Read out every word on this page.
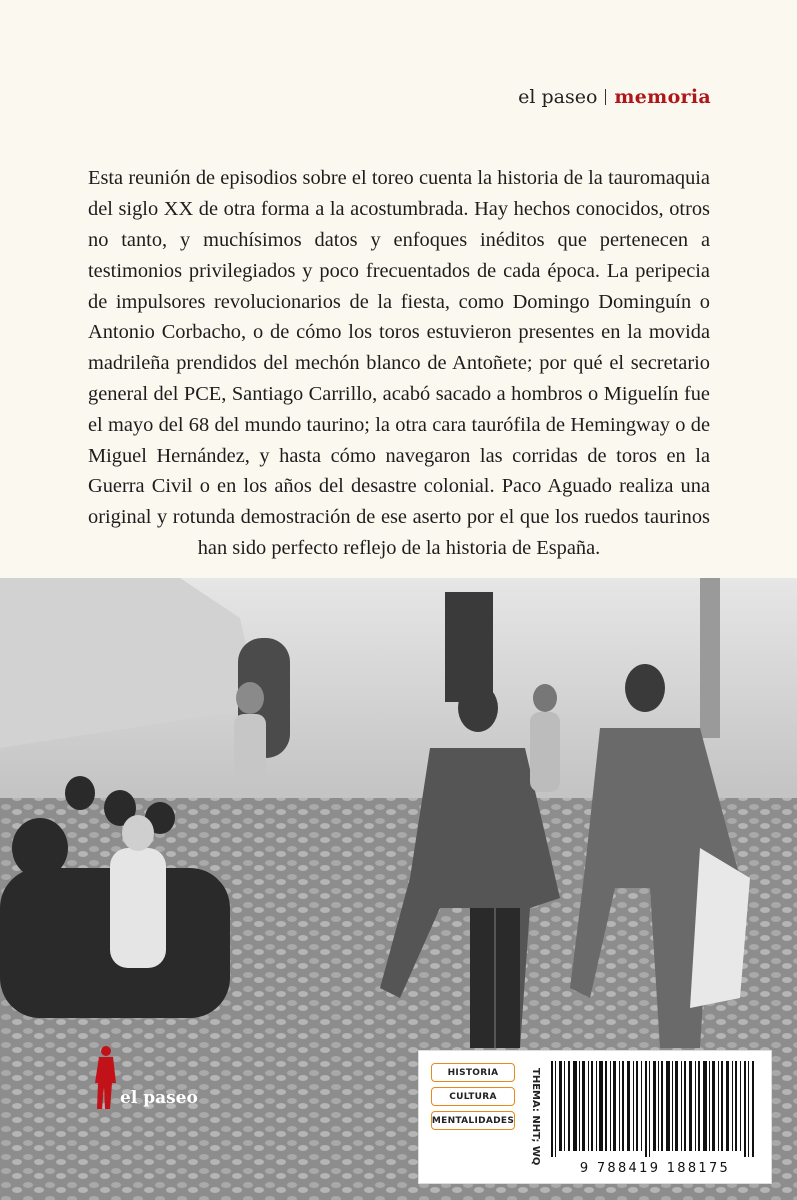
el paseo memoria

Esta reunión de episodios sobre el toreo cuenta la historia de la tauromaquia del siglo XX de otra forma a la acostumbrada. Hay hechos conocidos, otros no tanto, y muchísimos datos y enfoques inéditos que pertenecen a testimonios privilegiados y poco frecuentados de cada época. La peripecia de impulsores revolucionarios de la fiesta, como Domingo Dominguín o Antonio Corbacho, o de cómo los toros estuvieron presentes en la movida madrileña prendidos del mechón blanco de Antoñete; por qué el secretario general del PCE, Santiago Carrillo, acabó sacado a hombros o Miguelín fue el mayo del 68 del mundo taurino; la otra cara taurófila de Hemingway o de Miguel Hernández, y hasta cómo navegaron las corridas de toros en la Guerra Civil o en los años del desastre colonial. Paco Aguado realiza una original y rotunda demostración de ese aserto por el que los ruedos taurinos han sido perfecto reflejo de la historia de España.

el paseo
HISTORIA
CULTURA
MENTALIDADES	THEMA: NHT; WQ
9 788419 188175
